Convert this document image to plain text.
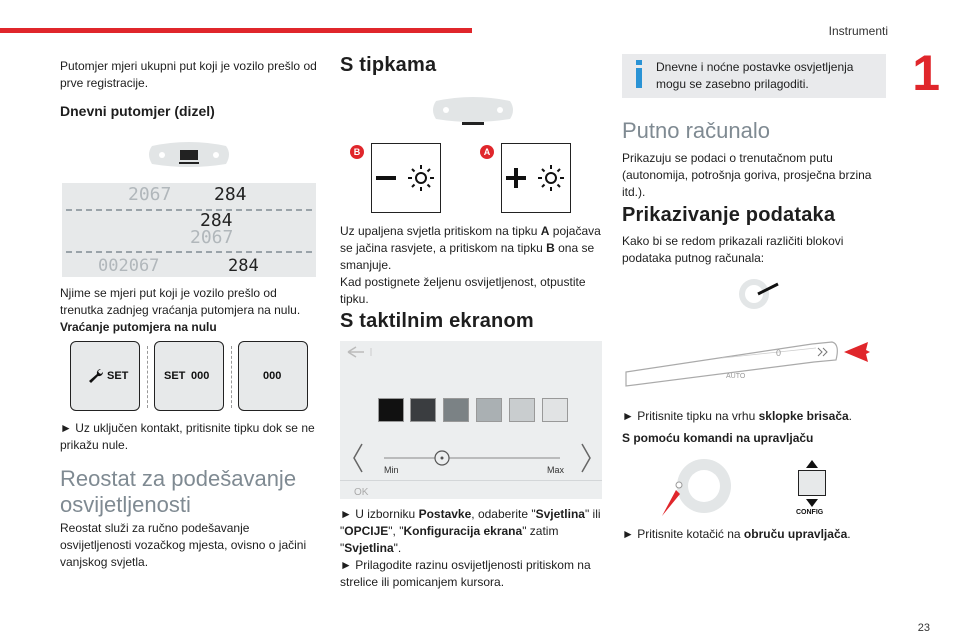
Instrumenti
1
23
Putomjer mjeri ukupni put koji je vozilo prešlo od prve registracije.
Dnevni putomjer (dizel)
2067 284
284
2067
002067	284
Njime se mjeri put koji je vozilo prešlo od trenutka zadnjeg vraćanja putomjera na nulu.
Vraćanje putomjera na nulu
SET	SET 000	000
► Uz uključen kontakt, pritisnite tipku dok se ne prikažu nule.
Reostat za podešavanje osvijetljenosti
Reostat služi za ručno podešavanje osvijetljenosti vozačkog mjesta, ovisno o jačini vanjskog svjetla.
S tipkama
B	A

Uz upaljena svjetla pritiskom na tipku A pojačava se jačina rasvjete, a pritiskom na tipku B ona se smanjuje.

Kad postignete željenu osvijetljenost, otpustite tipku.

S taktilnim ekranom
Min	Max
OK

► U izborniku Postavke, odaberite "Svjetlina" ili "OPCIJE", "Konfiguracija ekrana" zatim "Svjetlina".

► Prilagodite razinu osvijetljenosti pritiskom na strelice ili pomicanjem kursora.

Dnevne i noćne postavke osvjetljenja mogu se zasebno prilagoditi.
Putno računalo
Prikazuju se podaci o trenutačnom putu (autonomija, potrošnja goriva, prosječna brzina itd.).
Prikazivanje podataka
Kako bi se redom prikazali različiti blokovi podataka putnog računala:
AUTO
0

► Pritisnite tipku na vrhu sklopke brisača.

S pomoću komandi na upravljaču
CONFIG

► Pritisnite kotačić na obruču upravljača.
